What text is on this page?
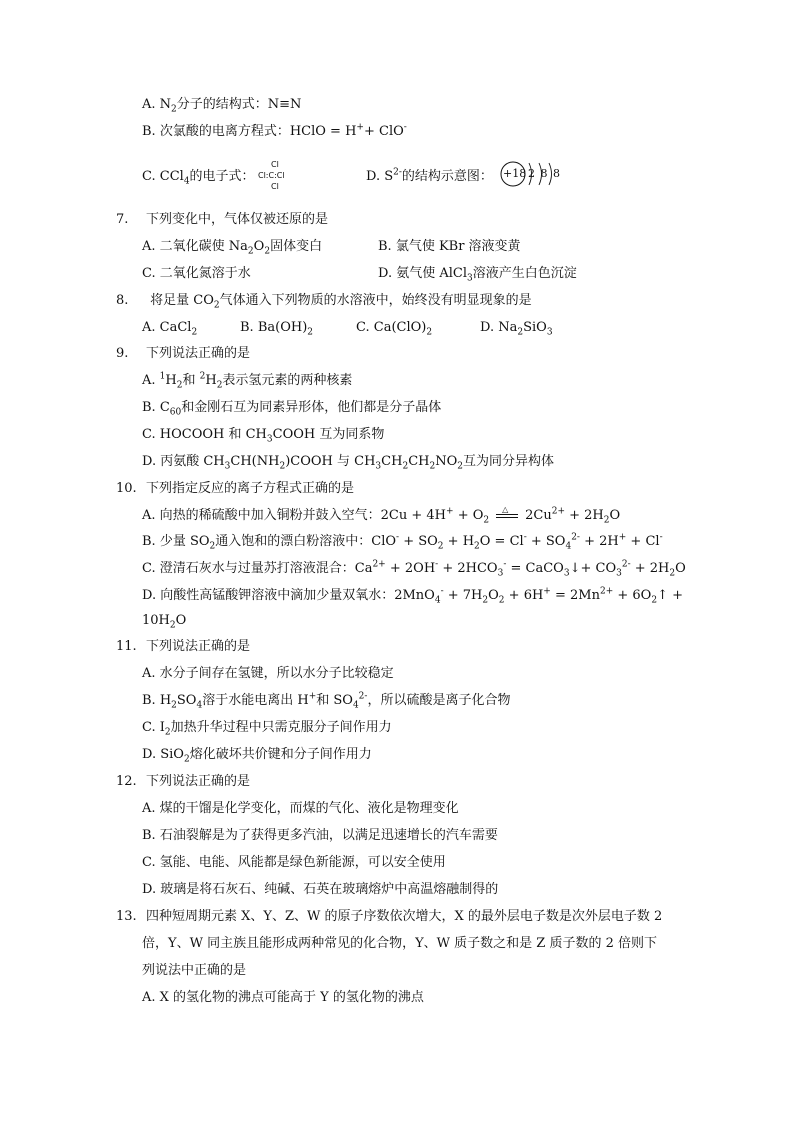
A. $N_2$分子的结构式：N≡N
B. 次氯酸的电离方程式：HClO = H++ ClO-
C. CCl$_4$的电子式：
Cl
Cl:C:Cl
Cl
D. $S^{2-}$的结构示意图： +18 2 8 8
7. 下列变化中，气体仅被还原的是
A. 二氧化碳使 $Na_2O_2$固体变白	B. 氯气使 KBr 溶液变黄
C. 二氧化氮溶于水	D. 氨气使 AlCl$_3$溶液产生白色沉淀
8. 将足量 $CO_2$气体通入下列物质的水溶液中，始终没有明显现象的是
A. CaCl$_2$	B. $Ba(OH)_2$	C. $Ca(ClO)_2$	D. $Na_2SiO_3$
9. 下列说法正确的是
A. $^1H_2$和 $^2H_2$表示氢元素的两种核素
B. $C_{60}$和金刚石互为同素异形体，他们都是分子晶体
C. HOCOOH 和 $CH_3COOH$ 互为同系物
D. 丙氨酸 $CH_3CH(NH_2)COOH$ 与 $CH_3CH_2CH_2NO_2$互为同分异构体
10. 下列指定反应的离子方程式正确的是
A. 向热的稀硫酸中加入铜粉并鼓入空气：$2Cu + 4H^+ + O_2$
△ $2Cu^{2+} + 2H_2O$
B. 少量 $SO_2$通入饱和的漂白粉溶液中：$ClO^- + SO_2 + H_2O = Cl^- + SO_4^{2-} + 2H^+ + Cl^-$
C. 澄清石灰水与过量苏打溶液混合：$Ca^{2+} + 2OH^- + 2HCO_3^-$ = CaCO$_3$↓+ $CO_3^{2-} + 2H_2O$
D. 向酸性高锰酸钾溶液中滴加少量双氧水：$2MnO_4^- + 7H_2O_2 + 6H^+ = 2Mn^{2+}$ + $6O_2↑$ +
$10H_2O$
11. 下列说法正确的是
A. 水分子间存在氢键，所以水分子比较稳定
B. $H_2SO_4$溶于水能电离出 H+和 $SO_4^{2-}$，所以硫酸是离子化合物
C. $I_2$加热升华过程中只需克服分子间作用力
D. SiO$_2$熔化破坏共价键和分子间作用力
12. 下列说法正确的是
A. 煤的干馏是化学变化，而煤的气化、液化是物理变化
B. 石油裂解是为了获得更多汽油，以满足迅速增长的汽车需要
C. 氢能、电能、风能都是绿色新能源，可以安全使用
D. 玻璃是将石灰石、纯碱、石英在玻璃熔炉中高温熔融制得的
13. 四种短周期元素 X、Y、Z、W 的原子序数依次增大，X 的最外层电子数是次外层电子数 2
倍，Y、W 同主族且能形成两种常见的化合物，Y、W 质子数之和是 Z 质子数的 2 倍则下
列说法中正确的是
A. X 的氢化物的沸点可能高于 Y 的氢化物的沸点
